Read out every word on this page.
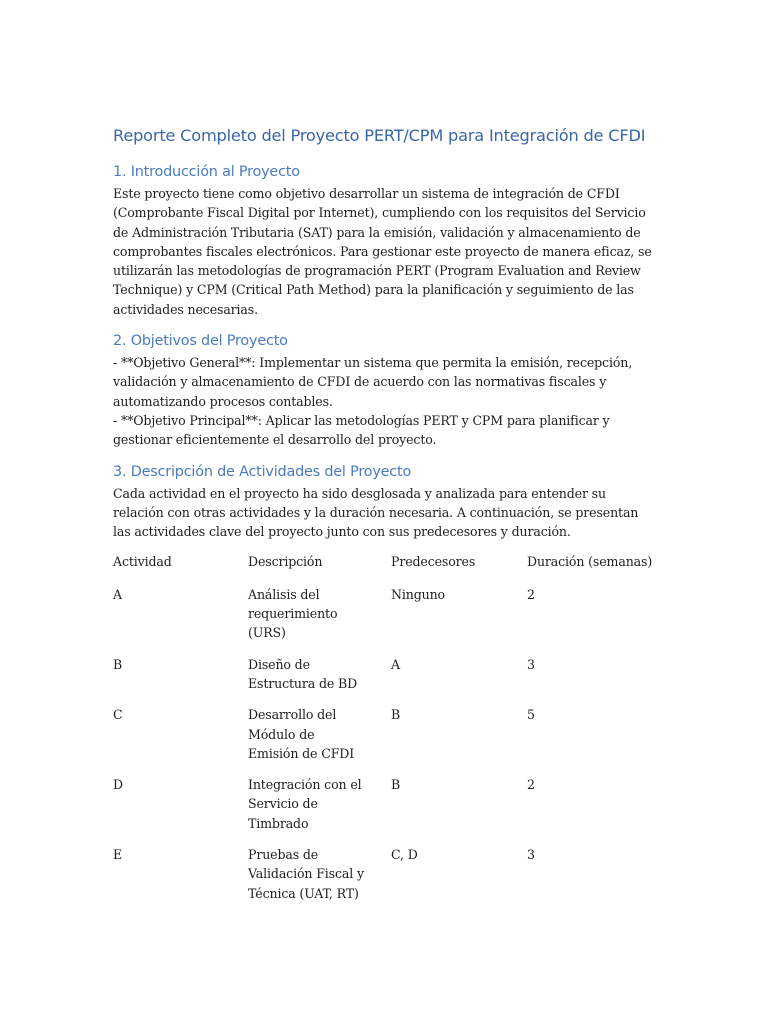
Reporte Completo del Proyecto PERT/CPM para Integración de CFDI
1. Introducción al Proyecto

Este proyecto tiene como objetivo desarrollar un sistema de integración de CFDI (Comprobante Fiscal Digital por Internet), cumpliendo con los requisitos del Servicio de Administración Tributaria (SAT) para la emisión, validación y almacenamiento de comprobantes fiscales electrónicos. Para gestionar este proyecto de manera eficaz, se utilizarán las metodologías de programación PERT (Program Evaluation and Review Technique) y CPM (Critical Path Method) para la planificación y seguimiento de las actividades necesarias.

2. Objetivos del Proyecto
- **Objetivo General**: Implementar un sistema que permita la emisión, recepción, validación y almacenamiento de CFDI de acuerdo con las normativas fiscales y automatizando procesos contables.
- **Objetivo Principal**: Aplicar las metodologías PERT y CPM para planificar y gestionar eficientemente el desarrollo del proyecto.
3. Descripción de Actividades del Proyecto

Cada actividad en el proyecto ha sido desglosada y analizada para entender su relación con otras actividades y la duración necesaria. A continuación, se presentan las actividades clave del proyecto junto con sus predecesores y duración.

Actividad	Descripción	Predecesores	Duración (semanas)
A	Análisis del requerimiento (URS)	Ninguno	2
B	Diseño de Estructura de BD	A	3
C	Desarrollo del Módulo de Emisión de CFDI	B	5
D	Integración con el Servicio de Timbrado	B	2
E	Pruebas de Validación Fiscal y Técnica (UAT, RT)	C, D	3
